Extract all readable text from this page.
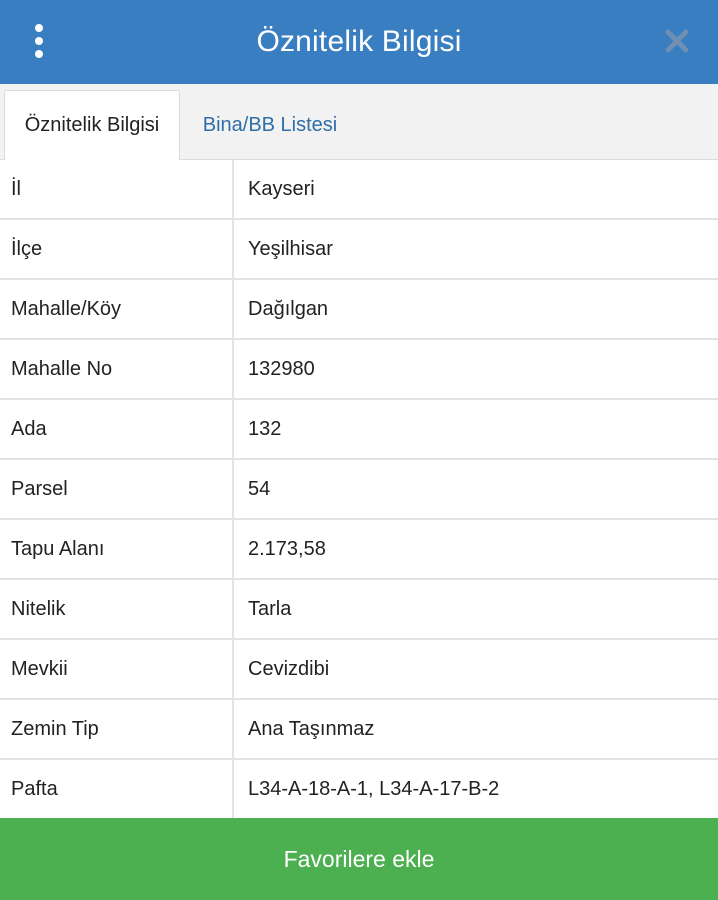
Öznitelik Bilgisi
Öznitelik Bilgisi	Bina/BB Listesi
İl	Kayseri
İlçe	Yeşilhisar
Mahalle/Köy	Dağılgan
Mahalle No	132980
Ada	132
Parsel	54
Tapu Alanı	2.173,58
Nitelik	Tarla
Mevkii	Cevizdibi
Zemin Tip	Ana Taşınmaz
Pafta	L34-A-18-A-1, L34-A-17-B-2
Favorilere ekle
